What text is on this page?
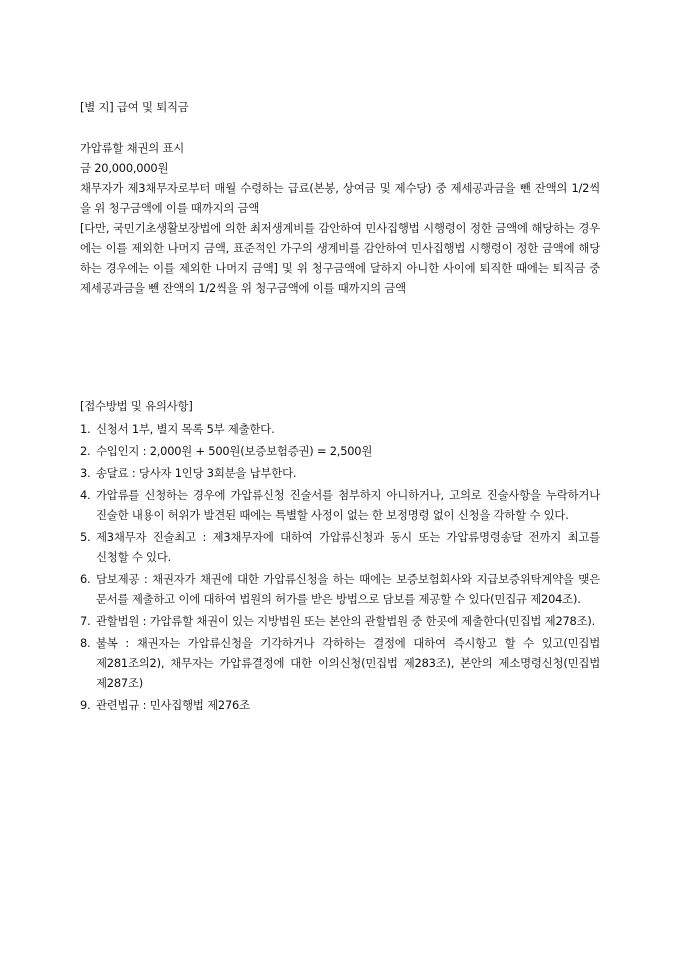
[별 지] 급여 및 퇴직금

가압류할 채권의 표시

금 20,000,000원

채무자가 제3채무자로부터 매월 수령하는 급료(본봉, 상여금 및 제수당) 중 제세공과금을 뺀 잔액의 1/2씩을 위 청구금액에 이를 때까지의 금액

[다만, 국민기초생활보장법에 의한 최저생계비를 감안하여 민사집행법 시행령이 정한 금액에 해당하는 경우에는 이를 제외한 나머지 금액, 표준적인 가구의 생계비를 감안하여 민사집행법 시행령이 정한 금액에 해당하는 경우에는 이를 제외한 나머지 금액] 및 위 청구금액에 달하지 아니한 사이에 퇴직한 때에는 퇴직금 중 제세공과금을 뺀 잔액의 1/2씩을 위 청구금액에 이를 때까지의 금액

[접수방법 및 유의사항]

1. 신청서 1부, 별지 목록 5부 제출한다.
2. 수입인지 : 2,000원 + 500원(보증보험증권) = 2,500원
3. 송달료 : 당사자 1인당 3회분을 납부한다.
4. 가압류를 신청하는 경우에 가압류신청 진술서를 첨부하지 아니하거나, 고의로 진술사항을 누락하거나 진술한 내용이 허위가 발견된 때에는 특별할 사정이 없는 한 보정명령 없이 신청을 각하할 수 있다.
5. 제3채무자 진술최고 : 제3채무자에 대하여 가압류신청과 동시 또는 가압류명령송달 전까지 최고를 신청할 수 있다.
6. 담보제공 : 채권자가 채권에 대한 가압류신청을 하는 때에는 보증보험회사와 지급보증위탁계약을 맺은 문서를 제출하고 이에 대하여 법원의 허가를 받은 방법으로 담보를 제공할 수 있다(민집규 제204조).
7. 관할법원 : 가압류할 채권이 있는 지방법원 또는 본안의 관할법원 중 한곳에 제출한다(민집법 제278조).
8. 불복 : 채권자는 가압류신청을 기각하거나 각하하는 결정에 대하여 즉시항고 할 수 있고(민집법 제281조의2), 채무자는 가압류결정에 대한 이의신청(민집법 제283조), 본안의 제소명령신청(민집법 제287조)
9. 관련법규 : 민사집행법 제276조
